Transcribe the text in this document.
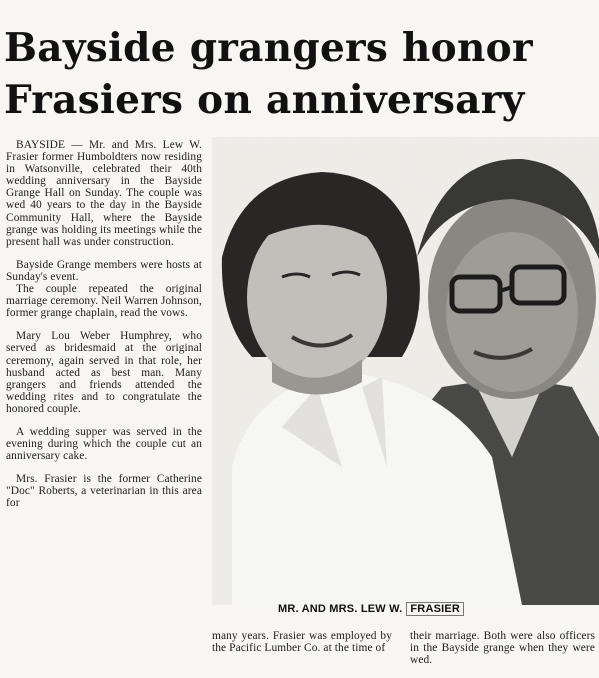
Bayside grangers honor
Frasiers on anniversary

BAYSIDE — Mr. and Mrs. Lew W. Frasier former Humboldters now residing in Watsonville, celebrated their 40th wedding anniversary in the Bayside Grange Hall on Sunday. The couple was wed 40 years to the day in the Bayside Community Hall, where the Bayside grange was holding its meetings while the present hall was under construction.

Bayside Grange members were hosts at Sunday's event.

The couple repeated the original marriage ceremony. Neil Warren Johnson, former grange chaplain, read the vows.

Mary Lou Weber Humphrey, who served as bridesmaid at the original ceremony, again served in that role, her husband acted as best man. Many grangers and friends attended the wedding rites and to congratulate the honored couple.

A wedding supper was served in the evening during which the couple cut an anniversary cake.

Mrs. Frasier is the former Catherine "Doc" Roberts, a veterinarian in this area for

MR. AND MRS. LEW W. FRASIER

many years. Frasier was employed by the Pacific Lumber Co. at the time of

their marriage. Both were also officers in the Bayside grange when they were wed.
